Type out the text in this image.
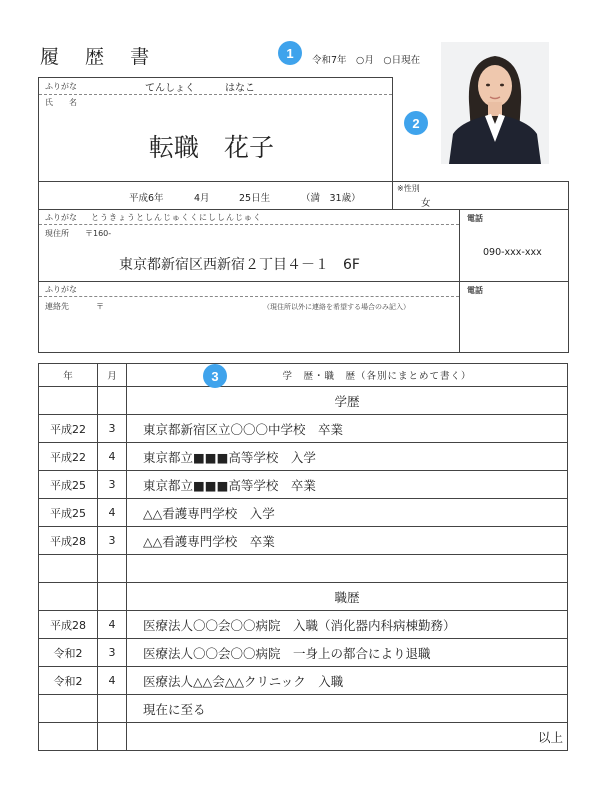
履 歴 書	1	令和7年　○月　○日現在
2
ふりがな	てんしょく　　　はなこ
氏　　名
転職　花子
平成6年	4月	25日生	（満　31歳）
※性別
女
ふりがな とうきょうとしんじゅくくにししんじゅく
現住所 〒160-
東京都新宿区西新宿２丁目４－１　6F
電話
090-xxx-xxx
ふりがな
連絡先	〒	（現住所以外に連絡を希望する場合のみ記入）
電話
年	月	3 学　歴・職　歴（各別にまとめて書く）
		学歴
平成22	3	東京都新宿区立〇〇〇中学校　卒業
平成22	4	東京都立■■■高等学校　入学
平成25	3	東京都立■■■高等学校　卒業
平成25	4	△△看護専門学校　入学
平成28	3	△△看護専門学校　卒業

		職歴
平成28	4	医療法人〇〇会〇〇病院　入職（消化器内科病棟勤務）
令和2	3	医療法人〇〇会〇〇病院　一身上の都合により退職
令和2	4	医療法人△△会△△クリニック　入職
		現在に至る
		以上
